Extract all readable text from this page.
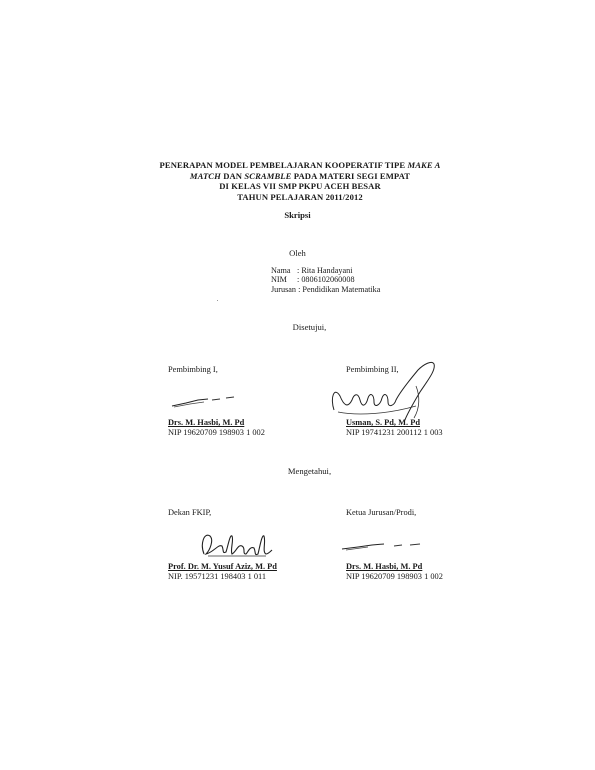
PENERAPAN MODEL PEMBELAJARAN KOOPERATIF TIPE MAKE A
MATCH DAN SCRAMBLE PADA MATERI SEGI EMPAT
DI KELAS VII SMP PKPU ACEH BESAR
TAHUN PELAJARAN 2011/2012
Skripsi
Oleh
Nama : Rita Handayani
NIM : 0806102060008
Jurusan : Pendidikan Matematika
Disetujui,
Pembimbing I,
Drs. M. Hasbi, M. Pd
NIP 19620709 198903 1 002
Pembimbing II,
Usman, S. Pd, M. Pd
NIP 19741231 200112 1 003
Mengetahui,
Dekan FKIP,
Prof. Dr. M. Yusuf Aziz, M. Pd
NIP. 19571231 198403 1 011
Ketua Jurusan/Prodi,
Drs. M. Hasbi, M. Pd
NIP 19620709 198903 1 002
